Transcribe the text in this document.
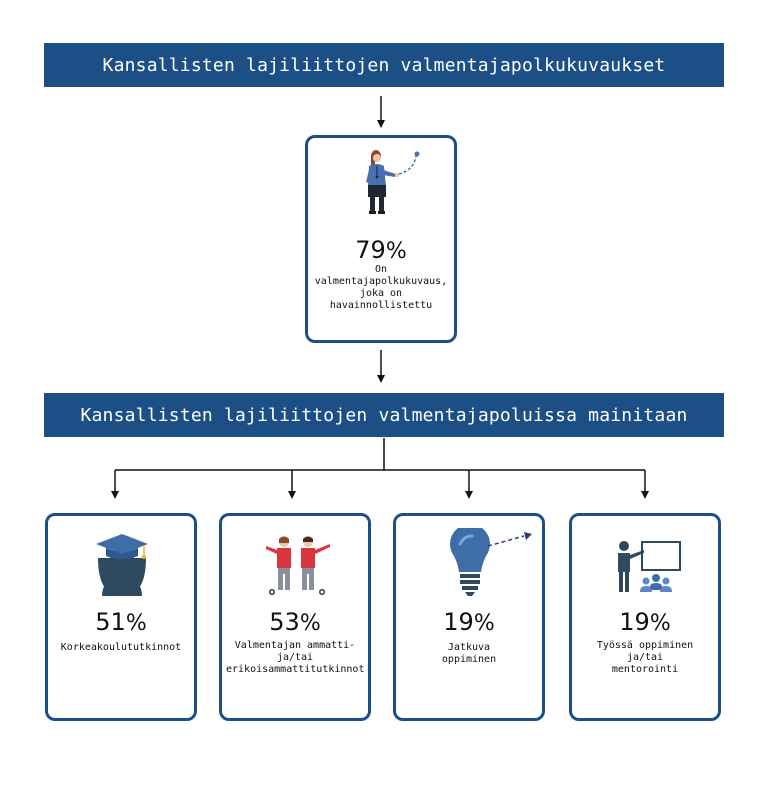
Kansallisten lajiliittojen valmentajapolkukuvaukset
79%
On
valmentajapolkukuvaus,
joka on
havainnollistettu
Kansallisten lajiliittojen valmentajapoluissa mainitaan
51%
Korkeakoulututkinnot
53%
Valmentajan ammatti-
ja/tai
erikoisammattitutkinnot
19%
Jatkuva
oppiminen
19%
Työssä oppiminen
ja/tai
mentorointi
